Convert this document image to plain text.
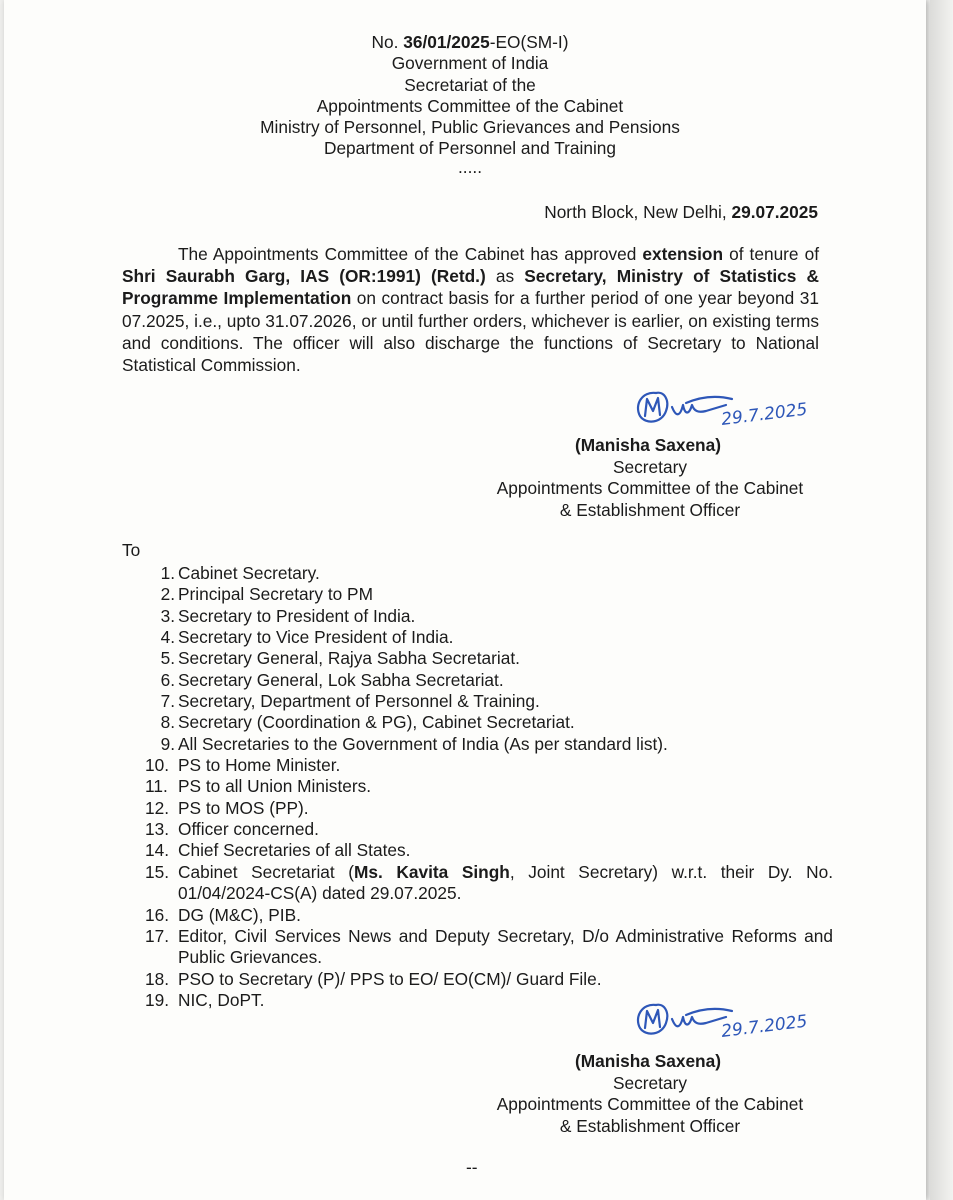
No. 36/01/2025-EO(SM-I)
Government of India
Secretariat of the
Appointments Committee of the Cabinet
Ministry of Personnel, Public Grievances and Pensions
Department of Personnel and Training
.....
North Block, New Delhi, 29.07.2025
The Appointments Committee of the Cabinet has approved extension of tenure of Shri Saurabh Garg, IAS (OR:1991) (Retd.) as Secretary, Ministry of Statistics & Programme Implementation on contract basis for a further period of one year beyond 31 07.2025, i.e., upto 31.07.2026, or until further orders, whichever is earlier, on existing terms and conditions. The officer will also discharge the functions of Secretary to National Statistical Commission.
29.7.2025
(Manisha Saxena)
Secretary
Appointments Committee of the Cabinet
& Establishment Officer
To
1. Cabinet Secretary.
2. Principal Secretary to PM
3. Secretary to President of India.
4. Secretary to Vice President of India.
5. Secretary General, Rajya Sabha Secretariat.
6. Secretary General, Lok Sabha Secretariat.
7. Secretary, Department of Personnel & Training.
8. Secretary (Coordination & PG), Cabinet Secretariat.
9. All Secretaries to the Government of India (As per standard list).
10. PS to Home Minister.
11. PS to all Union Ministers.
12. PS to MOS (PP).
13. Officer concerned.
14. Chief Secretaries of all States.
15. Cabinet Secretariat (Ms. Kavita Singh, Joint Secretary) w.r.t. their Dy. No. 01/04/2024-CS(A) dated 29.07.2025.
16. DG (M&C), PIB.
17. Editor, Civil Services News and Deputy Secretary, D/o Administrative Reforms and Public Grievances.
18. PSO to Secretary (P)/ PPS to EO/ EO(CM)/ Guard File.
19. NIC, DoPT.
29.7.2025
(Manisha Saxena)
Secretary
Appointments Committee of the Cabinet
& Establishment Officer
--
